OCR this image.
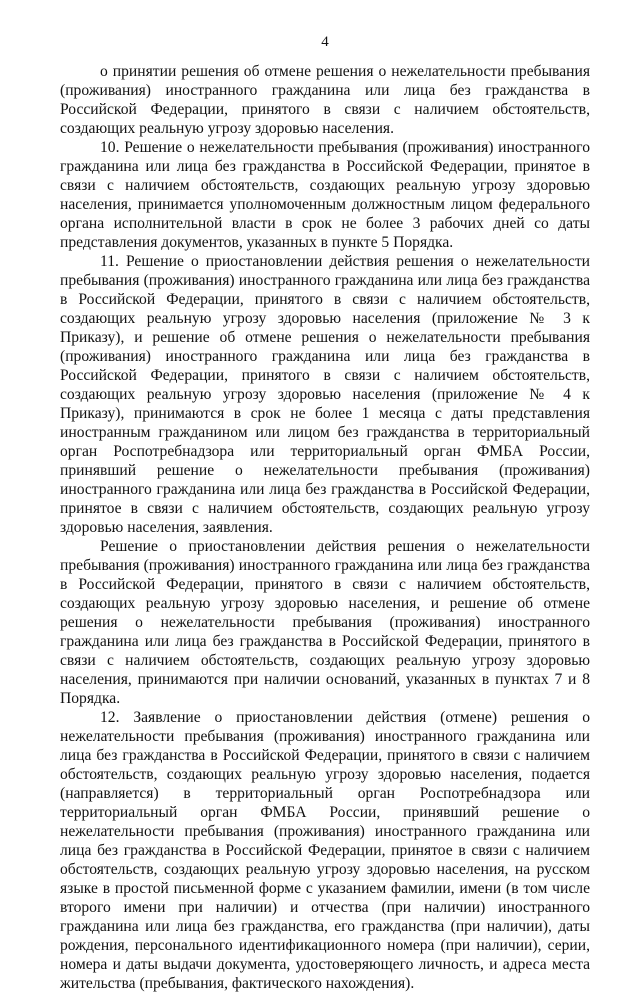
4

о принятии решения об отмене решения о нежелательности пребывания (проживания) иностранного гражданина или лица без гражданства в Российской Федерации, принятого в связи с наличием обстоятельств, создающих реальную угрозу здоровью населения.

10. Решение о нежелательности пребывания (проживания) иностранного гражданина или лица без гражданства в Российской Федерации, принятое в связи с наличием обстоятельств, создающих реальную угрозу здоровью населения, принимается уполномоченным должностным лицом федерального органа исполнительной власти в срок не более 3 рабочих дней со даты представления документов, указанных в пункте 5 Порядка.

11. Решение о приостановлении действия решения о нежелательности пребывания (проживания) иностранного гражданина или лица без гражданства в Российской Федерации, принятого в связи с наличием обстоятельств, создающих реальную угрозу здоровью населения (приложение № 3 к Приказу), и решение об отмене решения о нежелательности пребывания (проживания) иностранного гражданина или лица без гражданства в Российской Федерации, принятого в связи с наличием обстоятельств, создающих реальную угрозу здоровью населения (приложение № 4 к Приказу), принимаются в срок не более 1 месяца с даты представления иностранным гражданином или лицом без гражданства в территориальный орган Роспотребнадзора или территориальный орган ФМБА России, принявший решение о нежелательности пребывания (проживания) иностранного гражданина или лица без гражданства в Российской Федерации, принятое в связи с наличием обстоятельств, создающих реальную угрозу здоровью населения, заявления.

Решение о приостановлении действия решения о нежелательности пребывания (проживания) иностранного гражданина или лица без гражданства в Российской Федерации, принятого в связи с наличием обстоятельств, создающих реальную угрозу здоровью населения, и решение об отмене решения о нежелательности пребывания (проживания) иностранного гражданина или лица без гражданства в Российской Федерации, принятого в связи с наличием обстоятельств, создающих реальную угрозу здоровью населения, принимаются при наличии оснований, указанных в пунктах 7 и 8 Порядка.

12. Заявление о приостановлении действия (отмене) решения о нежелательности пребывания (проживания) иностранного гражданина или лица без гражданства в Российской Федерации, принятого в связи с наличием обстоятельств, создающих реальную угрозу здоровью населения, подается (направляется) в территориальный орган Роспотребнадзора или территориальный орган ФМБА России, принявший решение о нежелательности пребывания (проживания) иностранного гражданина или лица без гражданства в Российской Федерации, принятое в связи с наличием обстоятельств, создающих реальную угрозу здоровью населения, на русском языке в простой письменной форме с указанием фамилии, имени (в том числе второго имени при наличии) и отчества (при наличии) иностранного гражданина или лица без гражданства, его гражданства (при наличии), даты рождения, персонального идентификационного номера (при наличии), серии, номера и даты выдачи документа, удостоверяющего личность, и адреса места жительства (пребывания, фактического нахождения).
